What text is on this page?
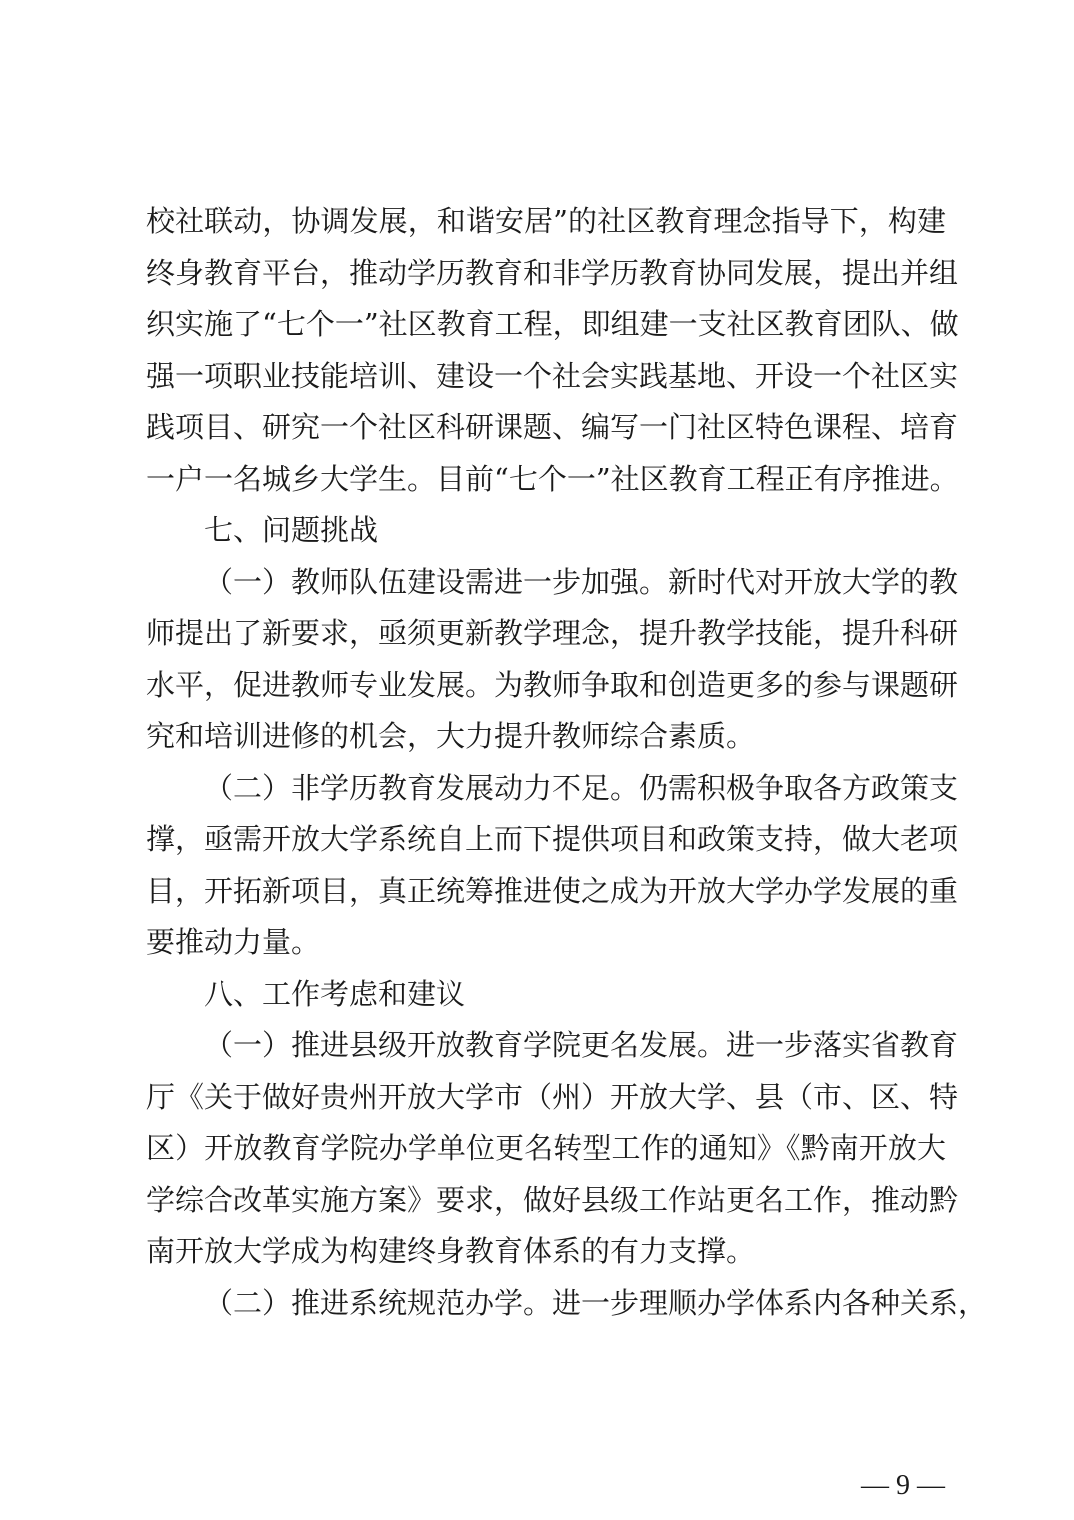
校社联动，协调发展，和谐安居”的社区教育理念指导下，构建
终身教育平台，推动学历教育和非学历教育协同发展，提出并组
织实施了“七个一”社区教育工程，即组建一支社区教育团队、做
强一项职业技能培训、建设一个社会实践基地、开设一个社区实
践项目、研究一个社区科研课题、编写一门社区特色课程、培育
一户一名城乡大学生。目前“七个一”社区教育工程正有序推进。
七、问题挑战
（一）教师队伍建设需进一步加强。新时代对开放大学的教
师提出了新要求，亟须更新教学理念，提升教学技能，提升科研
水平，促进教师专业发展。为教师争取和创造更多的参与课题研
究和培训进修的机会，大力提升教师综合素质。
（二）非学历教育发展动力不足。仍需积极争取各方政策支
撑，亟需开放大学系统自上而下提供项目和政策支持，做大老项
目，开拓新项目，真正统筹推进使之成为开放大学办学发展的重
要推动力量。
八、工作考虑和建议
（一）推进县级开放教育学院更名发展。进一步落实省教育
厅《关于做好贵州开放大学市（州）开放大学、县（市、区、特
区）开放教育学院办学单位更名转型工作的通知》《黔南开放大
学综合改革实施方案》要求，做好县级工作站更名工作，推动黔
南开放大学成为构建终身教育体系的有力支撑。
（二）推进系统规范办学。进一步理顺办学体系内各种关系，
— 9 —
